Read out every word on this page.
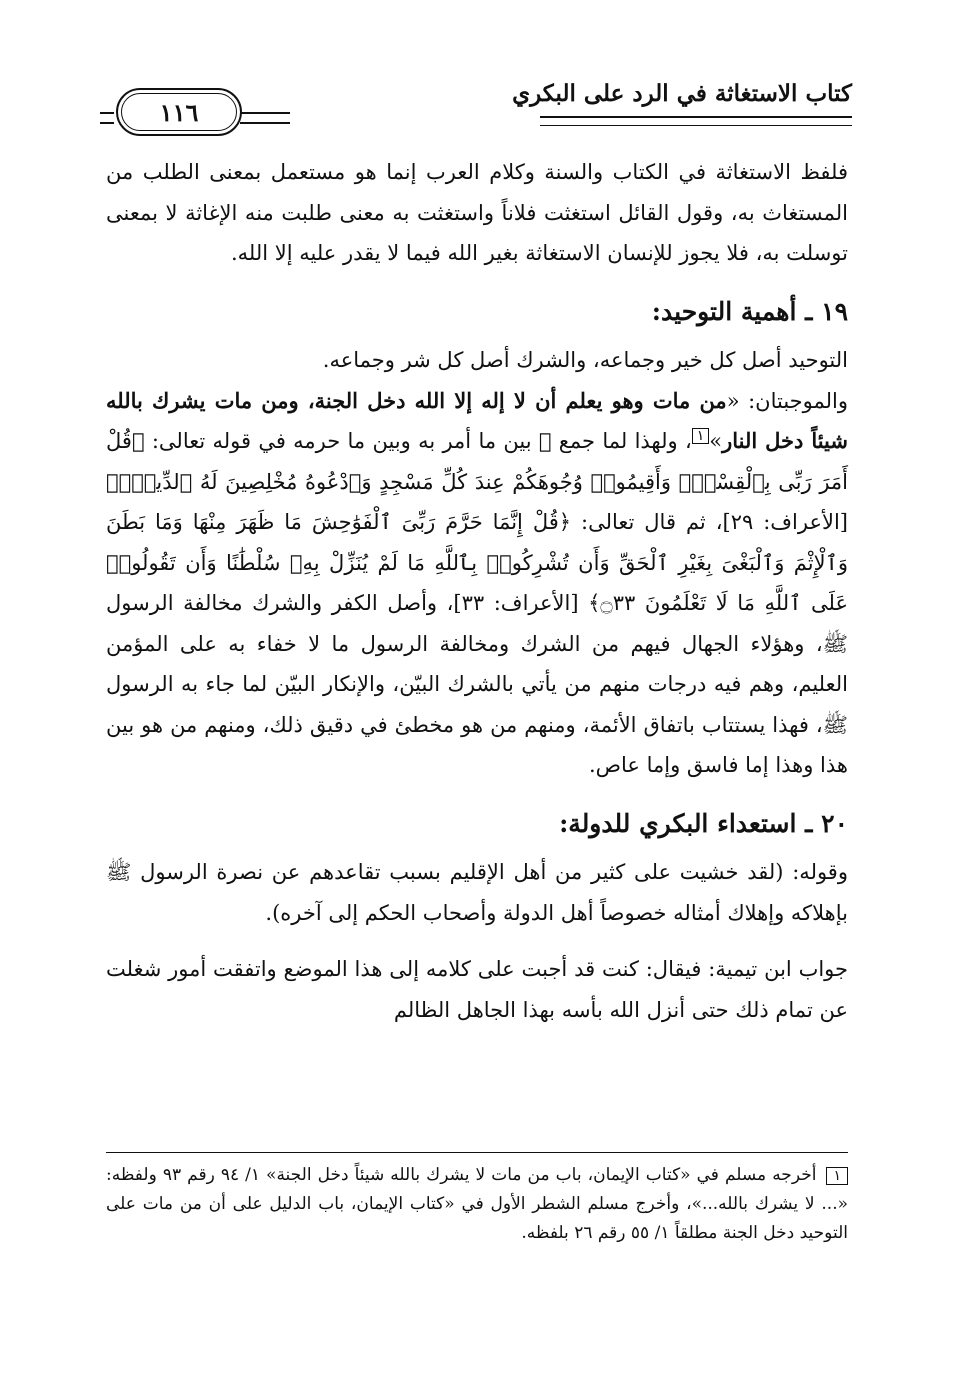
كتاب الاستغاثة في الرد على البكري
١١٦

فلفظ الاستغاثة في الكتاب والسنة وكلام العرب إنما هو مستعمل بمعنى الطلب من المستغاث به، وقول القائل استغثت فلاناً واستغثت به معنى طلبت منه الإغاثة لا بمعنى توسلت به، فلا يجوز للإنسان الاستغاثة بغير الله فيما لا يقدر عليه إلا الله.

١٩ ـ أهمية التوحيد:

التوحيد أصل كل خير وجماعه، والشرك أصل كل شر وجماعه.

والموجبتان: «من مات وهو يعلم أن لا إله إلا الله دخل الجنة، ومن مات يشرك بالله شيئاً دخل النار»١، ولهذا لما جمع ﷺ بين ما أمر به وبين ما حرمه في قوله تعالى: ﴿قُلْ أَمَرَ رَبِّى بِٱلْقِسْطِۖ وَأَقِيمُوا۟ وُجُوهَكُمْ عِندَ كُلِّ مَسْجِدٍ وَٱدْعُوهُ مُخْلِصِينَ لَهُ ٱلدِّينَۚ﴾ [الأعراف: ٢٩]، ثم قال تعالى: ﴿قُلْ إِنَّمَا حَرَّمَ رَبِّىَ ٱلْفَوَٰحِشَ مَا ظَهَرَ مِنْهَا وَمَا بَطَنَ وَٱلْإِثْمَ وَٱلْبَغْىَ بِغَيْرِ ٱلْحَقِّ وَأَن تُشْرِكُوا۟ بِٱللَّهِ مَا لَمْ يُنَزِّلْ بِهِۦ سُلْطَٰنًا وَأَن تَقُولُوا۟ عَلَى ٱللَّهِ مَا لَا تَعْلَمُونَ ۝٣٣﴾ [الأعراف: ٣٣]، وأصل الكفر والشرك مخالفة الرسول ﷺ، وهؤلاء الجهال فيهم من الشرك ومخالفة الرسول ما لا خفاء به على المؤمن العليم، وهم فيه درجات منهم من يأتي بالشرك البيّن، والإنكار البيّن لما جاء به الرسول ﷺ، فهذا يستتاب باتفاق الأئمة، ومنهم من هو مخطئ في دقيق ذلك، ومنهم من هو بين هذا وهذا إما فاسق وإما عاص.

٢٠ ـ استعداء البكري للدولة:

وقوله: (لقد خشيت على كثير من أهل الإقليم بسبب تقاعدهم عن نصرة الرسول ﷺ بإهلاكه وإهلاك أمثاله خصوصاً أهل الدولة وأصحاب الحكم إلى آخره).

جواب ابن تيمية: فيقال: كنت قد أجبت على كلامه إلى هذا الموضع واتفقت أمور شغلت عن تمام ذلك حتى أنزل الله بأسه بهذا الجاهل الظالم

١ أخرجه مسلم في «كتاب الإيمان، باب من مات لا يشرك بالله شيئاً دخل الجنة» ١/ ٩٤ رقم ٩٣ ولفظه: «... لا يشرك بالله...»، وأخرج مسلم الشطر الأول في «كتاب الإيمان، باب الدليل على أن من مات على التوحيد دخل الجنة مطلقاً ١/ ٥٥ رقم ٢٦ بلفظه.
